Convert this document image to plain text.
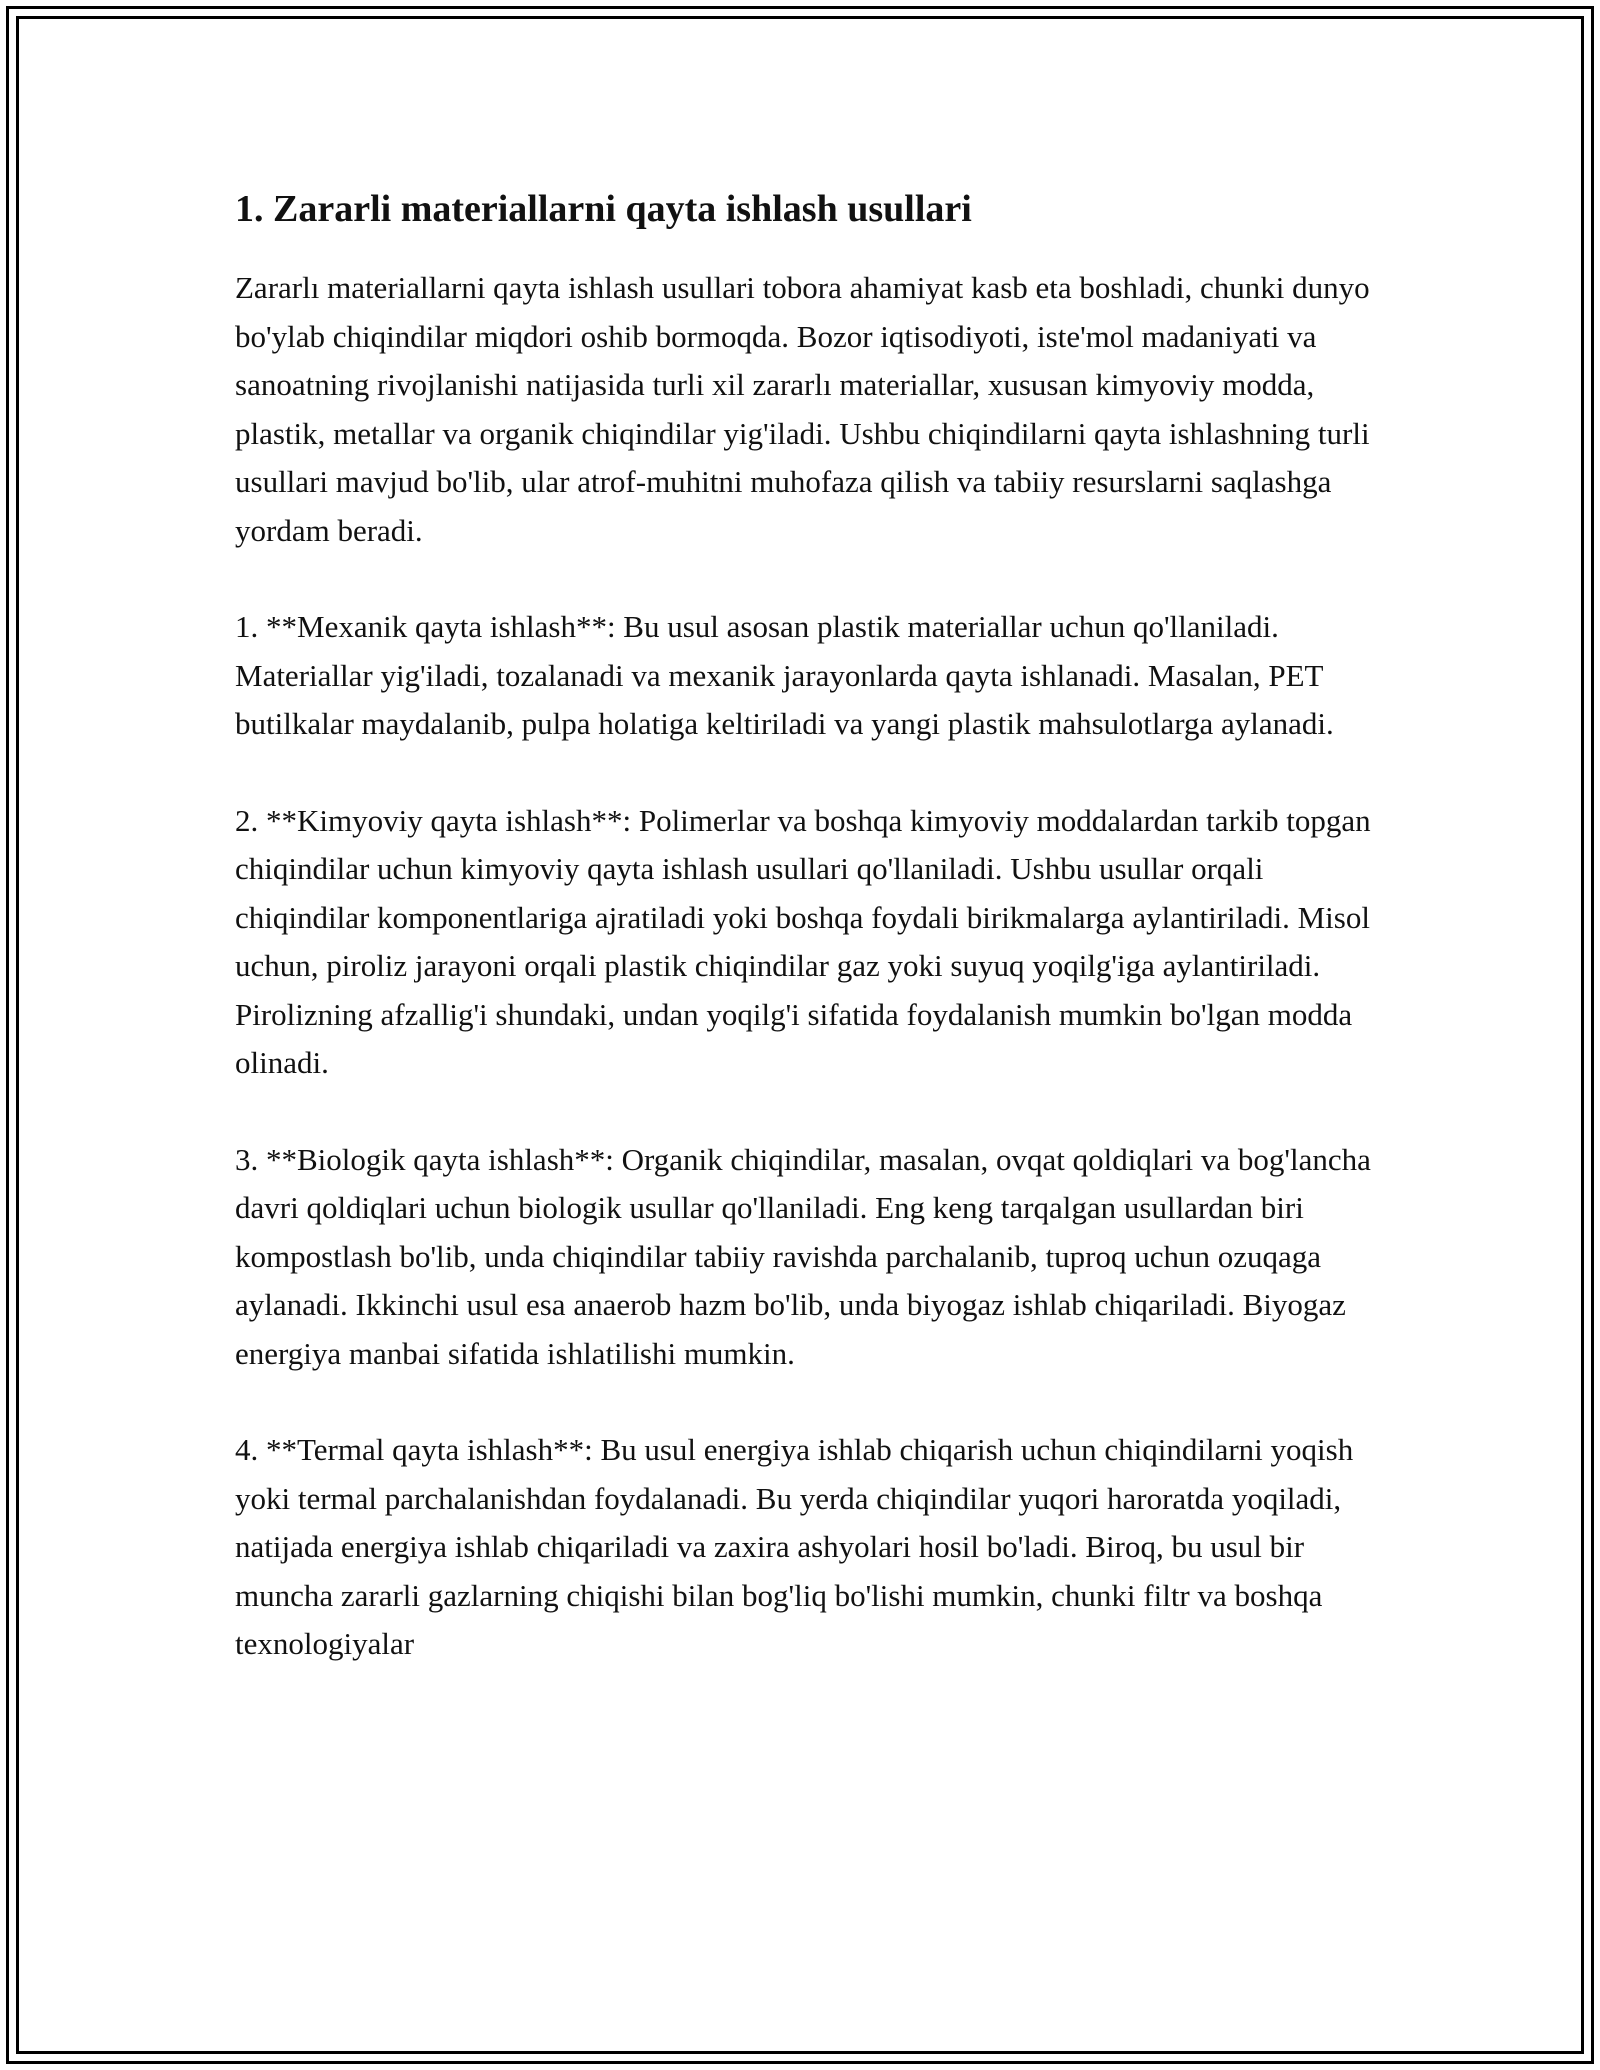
1. Zararli materiallarni qayta ishlash usullari

Zararlı materiallarni qayta ishlash usullari tobora ahamiyat kasb eta boshladi, chunki dunyo bo'ylab chiqindilar miqdori oshib bormoqda. Bozor iqtisodiyoti, iste'mol madaniyati va sanoatning rivojlanishi natijasida turli xil zararlı materiallar, xususan kimyoviy modda, plastik, metallar va organik chiqindilar yig'iladi. Ushbu chiqindilarni qayta ishlashning turli usullari mavjud bo'lib, ular atrof-muhitni muhofaza qilish va tabiiy resurslarni saqlashga yordam beradi.

1. **Mexanik qayta ishlash**: Bu usul asosan plastik materiallar uchun qo'llaniladi. Materiallar yig'iladi, tozalanadi va mexanik jarayonlarda qayta ishlanadi. Masalan, PET butilkalar maydalanib, pulpa holatiga keltiriladi va yangi plastik mahsulotlarga aylanadi.

2. **Kimyoviy qayta ishlash**: Polimerlar va boshqa kimyoviy moddalardan tarkib topgan chiqindilar uchun kimyoviy qayta ishlash usullari qo'llaniladi. Ushbu usullar orqali chiqindilar komponentlariga ajratiladi yoki boshqa foydali birikmalarga aylantiriladi. Misol uchun, piroliz jarayoni orqali plastik chiqindilar gaz yoki suyuq yoqilg'iga aylantiriladi. Pirolizning afzallig'i shundaki, undan yoqilg'i sifatida foydalanish mumkin bo'lgan modda olinadi.

3. **Biologik qayta ishlash**: Organik chiqindilar, masalan, ovqat qoldiqlari va bog'lancha davri qoldiqlari uchun biologik usullar qo'llaniladi. Eng keng tarqalgan usullardan biri kompostlash bo'lib, unda chiqindilar tabiiy ravishda parchalanib, tuproq uchun ozuqaga aylanadi. Ikkinchi usul esa anaerob hazm bo'lib, unda biyogaz ishlab chiqariladi. Biyogaz energiya manbai sifatida ishlatilishi mumkin.

4. **Termal qayta ishlash**: Bu usul energiya ishlab chiqarish uchun chiqindilarni yoqish yoki termal parchalanishdan foydalanadi. Bu yerda chiqindilar yuqori haroratda yoqiladi, natijada energiya ishlab chiqariladi va zaxira ashyolari hosil bo'ladi. Biroq, bu usul bir muncha zararli gazlarning chiqishi bilan bog'liq bo'lishi mumkin, chunki filtr va boshqa texnologiyalar
